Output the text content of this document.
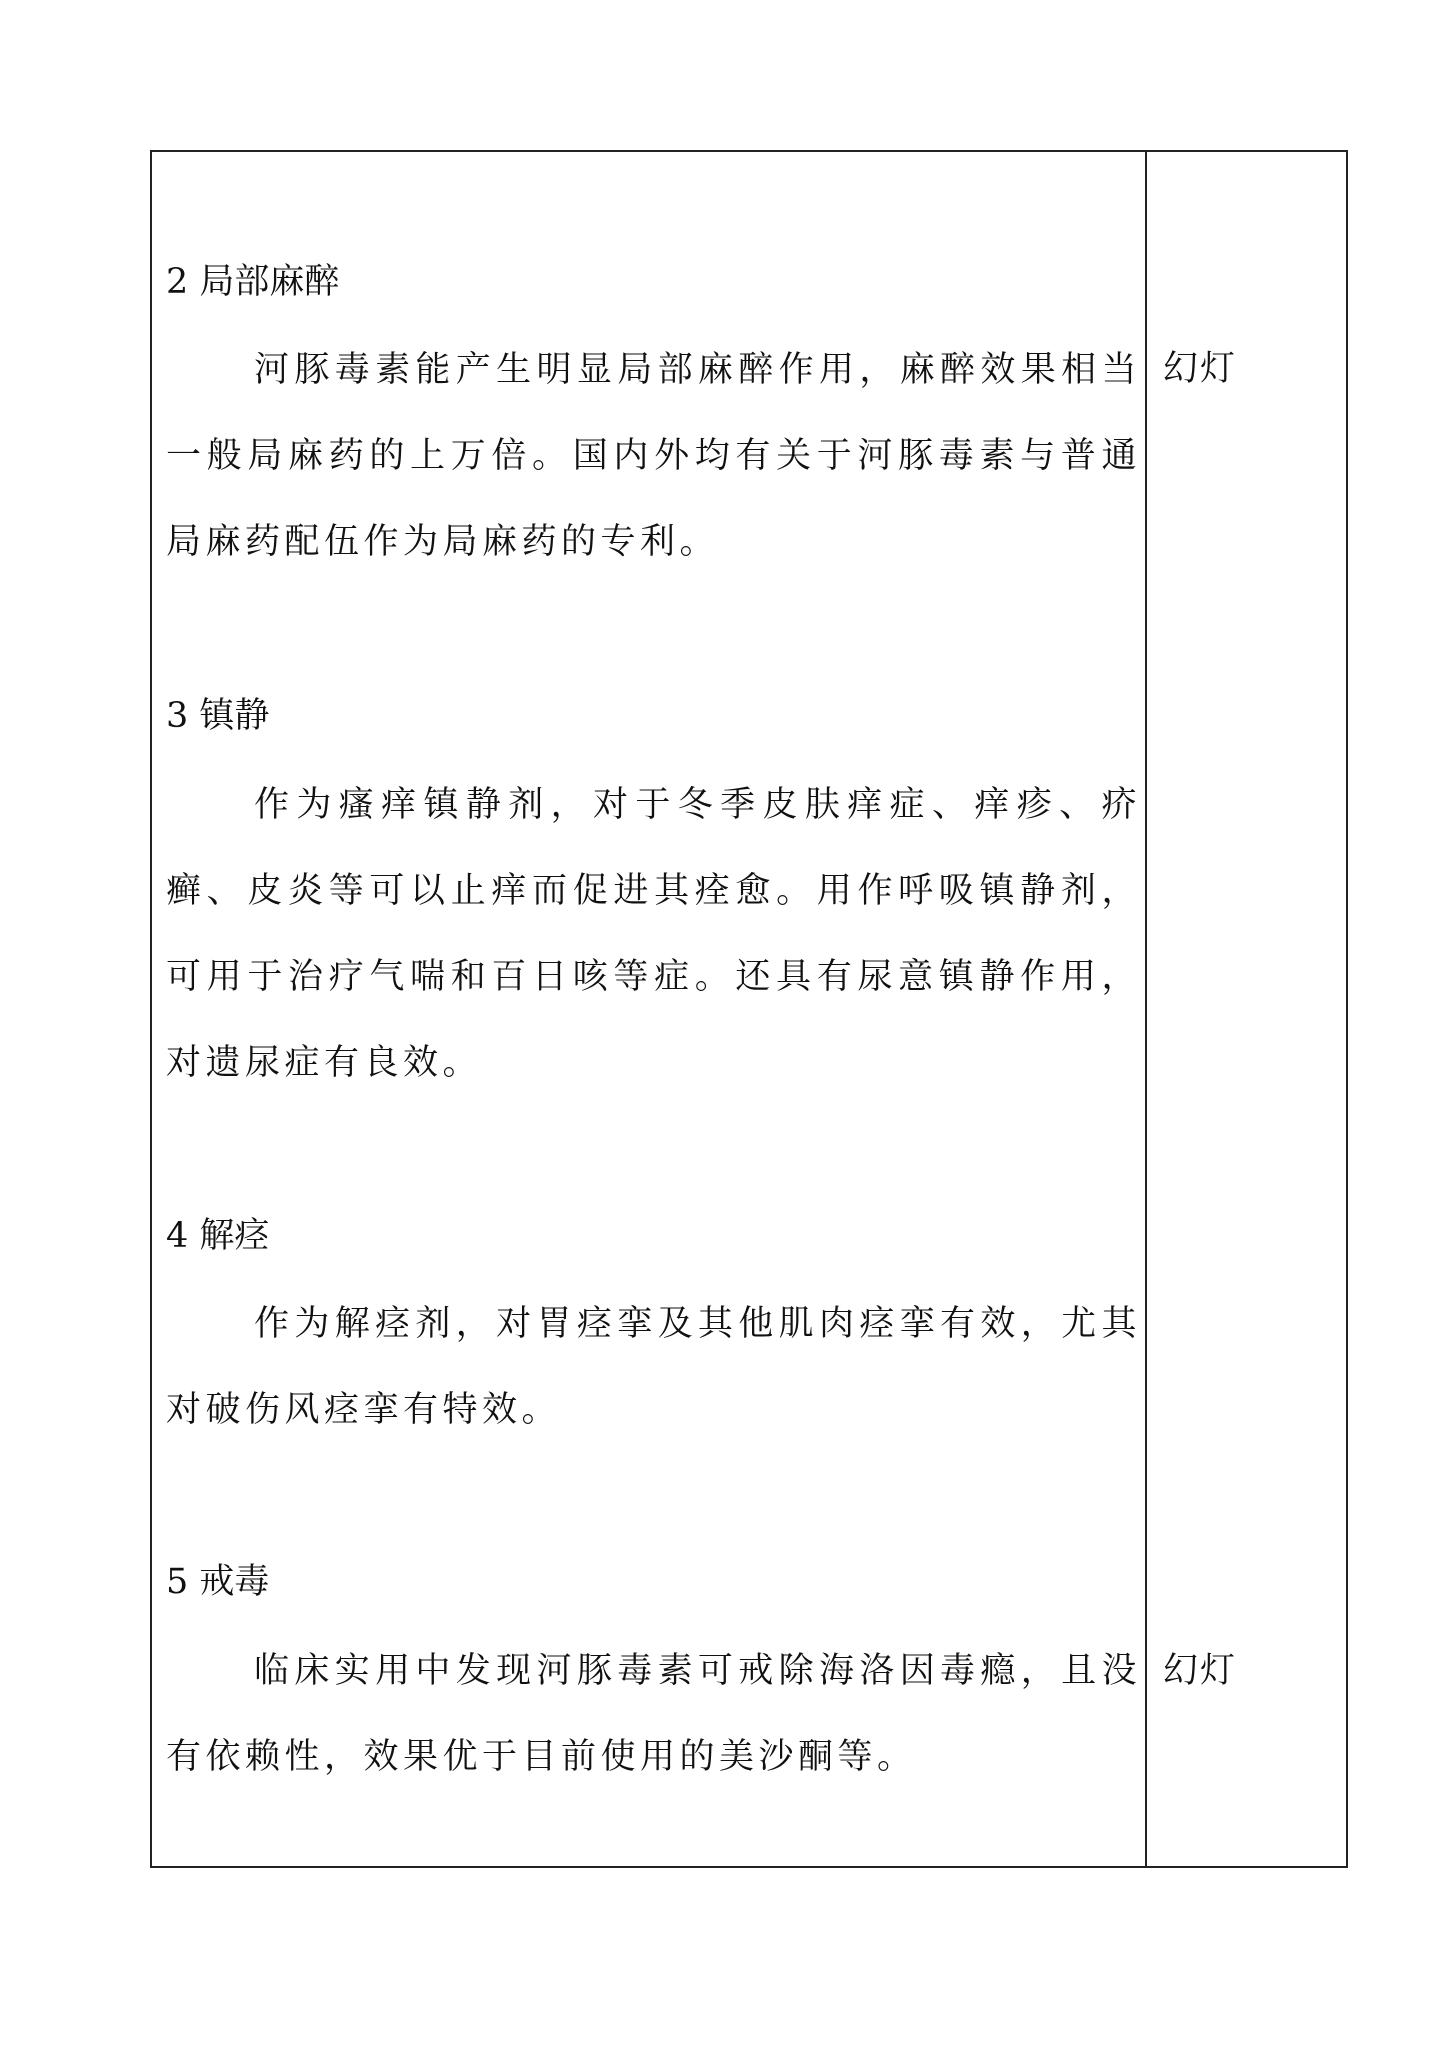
2 局部麻醉
河豚毒素能产生明显局部麻醉作用，麻醉效果相当一般局麻药的上万倍。国内外均有关于河豚毒素与普通局麻药配伍作为局麻药的专利。
幻灯
3 镇静
作为瘙痒镇静剂，对于冬季皮肤痒症、痒疹、疥癣、皮炎等可以止痒而促进其痊愈。用作呼吸镇静剂，可用于治疗气喘和百日咳等症。还具有尿意镇静作用，对遗尿症有良效。
4 解痉
作为解痉剂，对胃痉挛及其他肌肉痉挛有效，尤其对破伤风痉挛有特效。
5 戒毒
临床实用中发现河豚毒素可戒除海洛因毒瘾，且没有依赖性，效果优于目前使用的美沙酮等。
幻灯
